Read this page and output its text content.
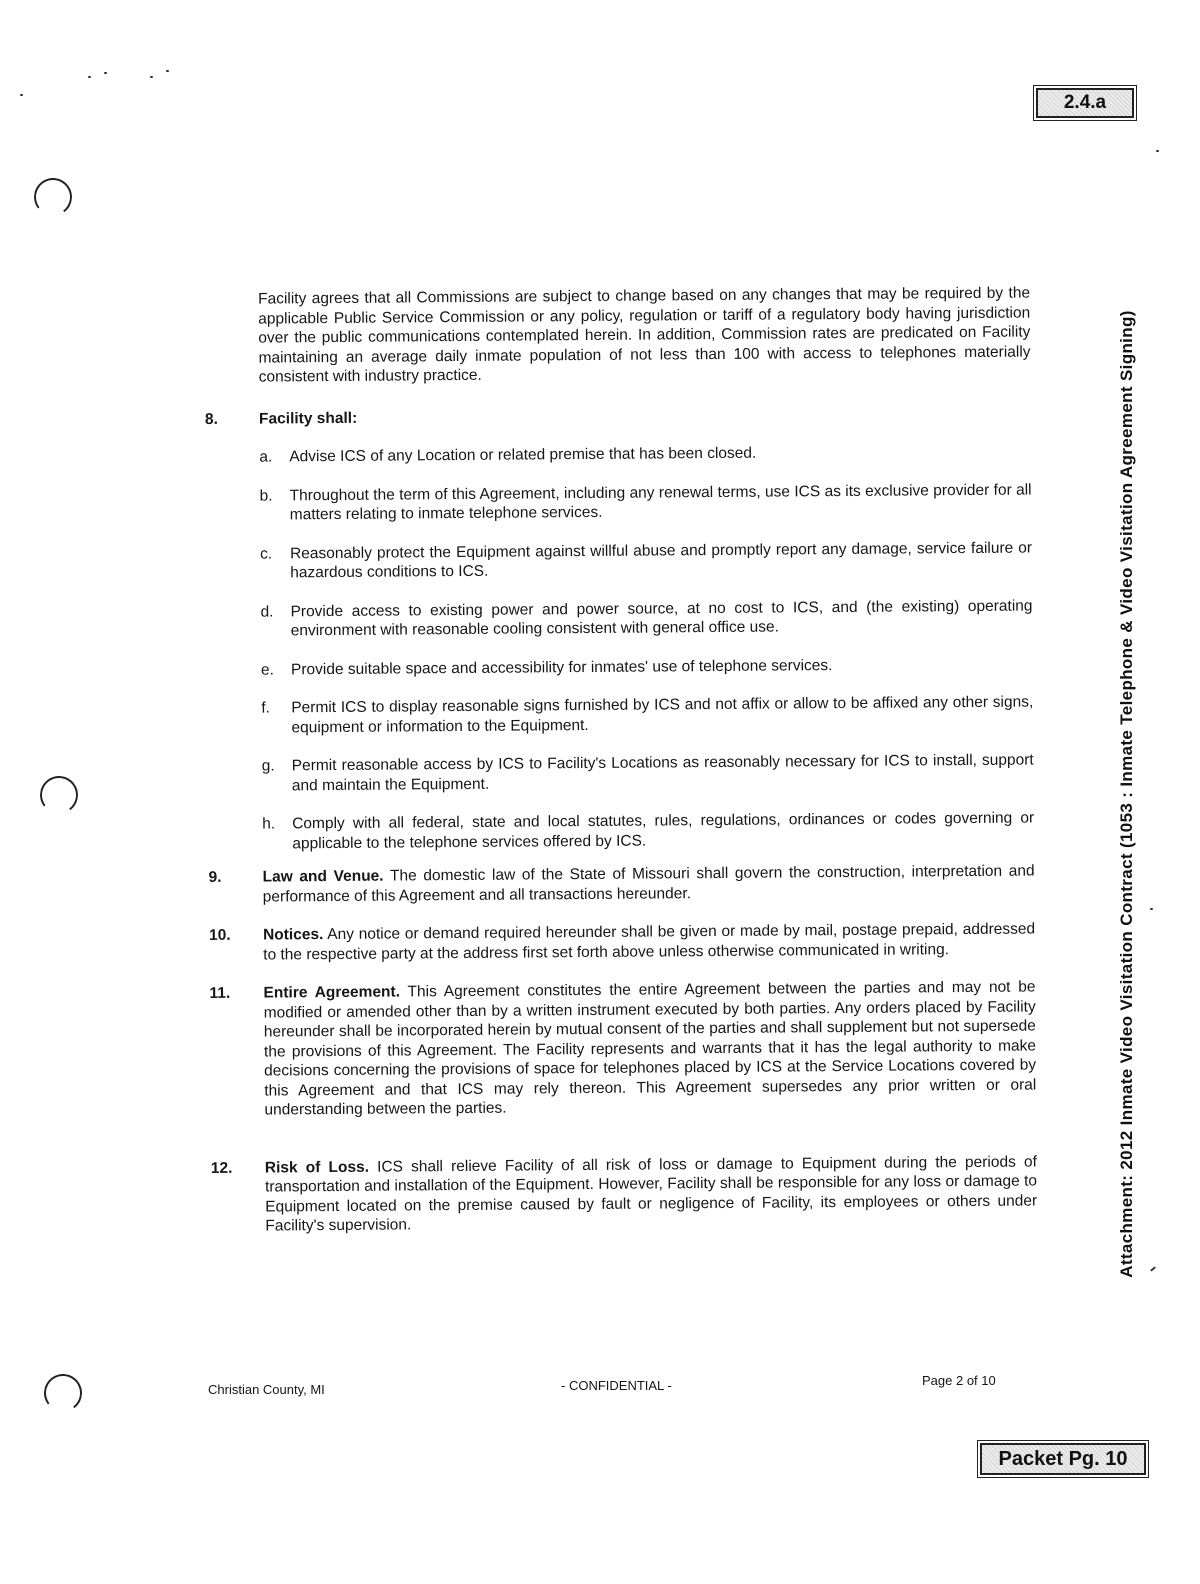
2.4.a
Packet Pg. 10
Attachment: 2012 Inmate Video Visitation Contract (1053 : Inmate Telephone & Video Visitation Agreement Signing)

Facility agrees that all Commissions are subject to change based on any changes that may be required by the applicable Public Service Commission or any policy, regulation or tariff of a regulatory body having jurisdiction over the public communications contemplated herein. In addition, Commission rates are predicated on Facility maintaining an average daily inmate population of not less than 100 with access to telephones materially consistent with industry practice.

8.	Facility shall:
a.	Advise ICS of any Location or related premise that has been closed.
b.	Throughout the term of this Agreement, including any renewal terms, use ICS as its exclusive provider for all matters relating to inmate telephone services.
c.	Reasonably protect the Equipment against willful abuse and promptly report any damage, service failure or hazardous conditions to ICS.
d.	Provide access to existing power and power source, at no cost to ICS, and (the existing) operating environment with reasonable cooling consistent with general office use.
e.	Provide suitable space and accessibility for inmates' use of telephone services.
f.	Permit ICS to display reasonable signs furnished by ICS and not affix or allow to be affixed any other signs, equipment or information to the Equipment.
g.	Permit reasonable access by ICS to Facility's Locations as reasonably necessary for ICS to install, support and maintain the Equipment.
h.	Comply with all federal, state and local statutes, rules, regulations, ordinances or codes governing or applicable to the telephone services offered by ICS.
9.	Law and Venue. The domestic law of the State of Missouri shall govern the construction, interpretation and performance of this Agreement and all transactions hereunder.
10.	Notices. Any notice or demand required hereunder shall be given or made by mail, postage prepaid, addressed to the respective party at the address first set forth above unless otherwise communicated in writing.
11.	Entire Agreement. This Agreement constitutes the entire Agreement between the parties and may not be modified or amended other than by a written instrument executed by both parties. Any orders placed by Facility hereunder shall be incorporated herein by mutual consent of the parties and shall supplement but not supersede the provisions of this Agreement. The Facility represents and warrants that it has the legal authority to make decisions concerning the provisions of space for telephones placed by ICS at the Service Locations covered by this Agreement and that ICS may rely thereon. This Agreement supersedes any prior written or oral understanding between the parties.
12.	Risk of Loss. ICS shall relieve Facility of all risk of loss or damage to Equipment during the periods of transportation and installation of the Equipment. However, Facility shall be responsible for any loss or damage to Equipment located on the premise caused by fault or negligence of Facility, its employees or others under Facility's supervision.
Christian County, MI	- CONFIDENTIAL -	Page 2 of 10
